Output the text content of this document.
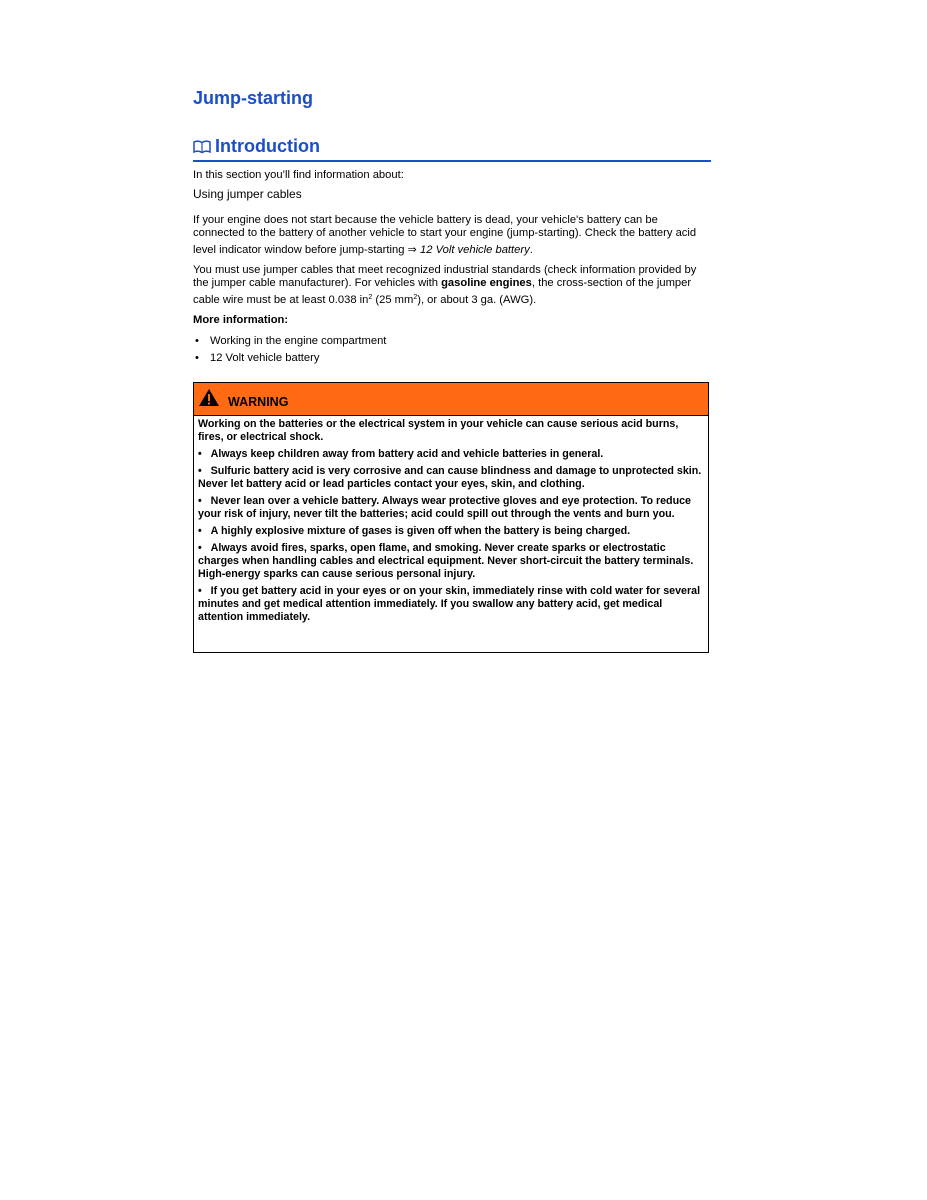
Jump-starting
Introduction
In this section you’ll find information about:
Using jumper cables
If your engine does not start because the vehicle battery is dead, your vehicle's battery can be connected to the battery of another vehicle to start your engine (jump-starting). Check the battery acid
level indicator window before jump-starting ⇒ 12 Volt vehicle battery.
You must use jumper cables that meet recognized industrial standards (check information provided by the jumper cable manufacturer). For vehicles with gasoline engines, the cross-section of the jumper cable wire must be at least 0.038 $in^2$ (25 $mm^2$), or about 3 ga. (AWG).
More information:
• Working in the engine compartment
• 12 Volt vehicle battery
WARNING
Working on the batteries or the electrical system in your vehicle can cause serious acid burns, fires, or electrical shock.
•   Always keep children away from battery acid and vehicle batteries in general.
•   Sulfuric battery acid is very corrosive and can cause blindness and damage to unprotected skin. Never let battery acid or lead particles contact your eyes, skin, and clothing.
•   Never lean over a vehicle battery. Always wear protective gloves and eye protection. To reduce your risk of injury, never tilt the batteries; acid could spill out through the vents and burn you.
•   A highly explosive mixture of gases is given off when the battery is being charged.
•   Always avoid fires, sparks, open flame, and smoking. Never create sparks or electrostatic charges when handling cables and electrical equipment. Never short-circuit the battery terminals. High-energy sparks can cause serious personal injury.
•   If you get battery acid in your eyes or on your skin, immediately rinse with cold water for several minutes and get medical attention immediately. If you swallow any battery acid, get medical attention immediately.
